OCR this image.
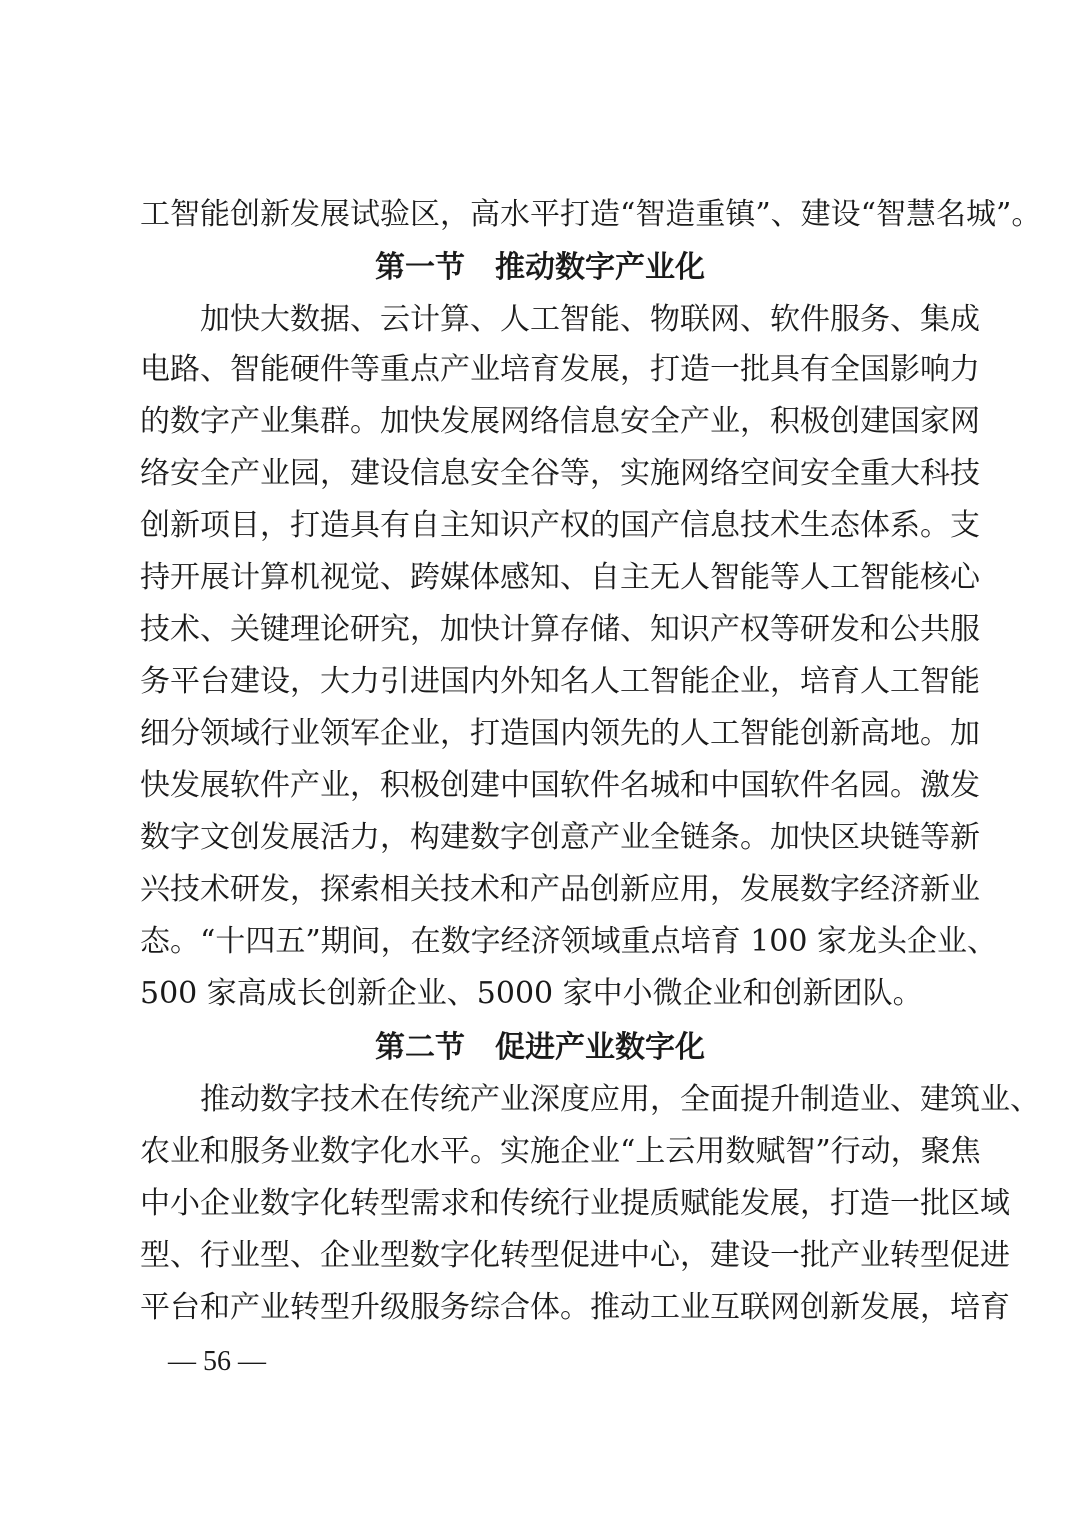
工智能创新发展试验区，高水平打造“智造重镇”、建设“智慧名城”。
第一节　推动数字产业化
　　加快大数据、云计算、人工智能、物联网、软件服务、集成
电路、智能硬件等重点产业培育发展，打造一批具有全国影响力
的数字产业集群。加快发展网络信息安全产业，积极创建国家网
络安全产业园，建设信息安全谷等，实施网络空间安全重大科技
创新项目，打造具有自主知识产权的国产信息技术生态体系。支
持开展计算机视觉、跨媒体感知、自主无人智能等人工智能核心
技术、关键理论研究，加快计算存储、知识产权等研发和公共服
务平台建设，大力引进国内外知名人工智能企业，培育人工智能
细分领域行业领军企业，打造国内领先的人工智能创新高地。加
快发展软件产业，积极创建中国软件名城和中国软件名园。激发
数字文创发展活力，构建数字创意产业全链条。加快区块链等新
兴技术研发，探索相关技术和产品创新应用，发展数字经济新业
态。“十四五”期间，在数字经济领域重点培育 100 家龙头企业、
500 家高成长创新企业、5000 家中小微企业和创新团队。
第二节　促进产业数字化
　　推动数字技术在传统产业深度应用，全面提升制造业、建筑业、
农业和服务业数字化水平。实施企业“上云用数赋智”行动，聚焦
中小企业数字化转型需求和传统行业提质赋能发展，打造一批区域
型、行业型、企业型数字化转型促进中心，建设一批产业转型促进
平台和产业转型升级服务综合体。推动工业互联网创新发展，培育
— 56 —
